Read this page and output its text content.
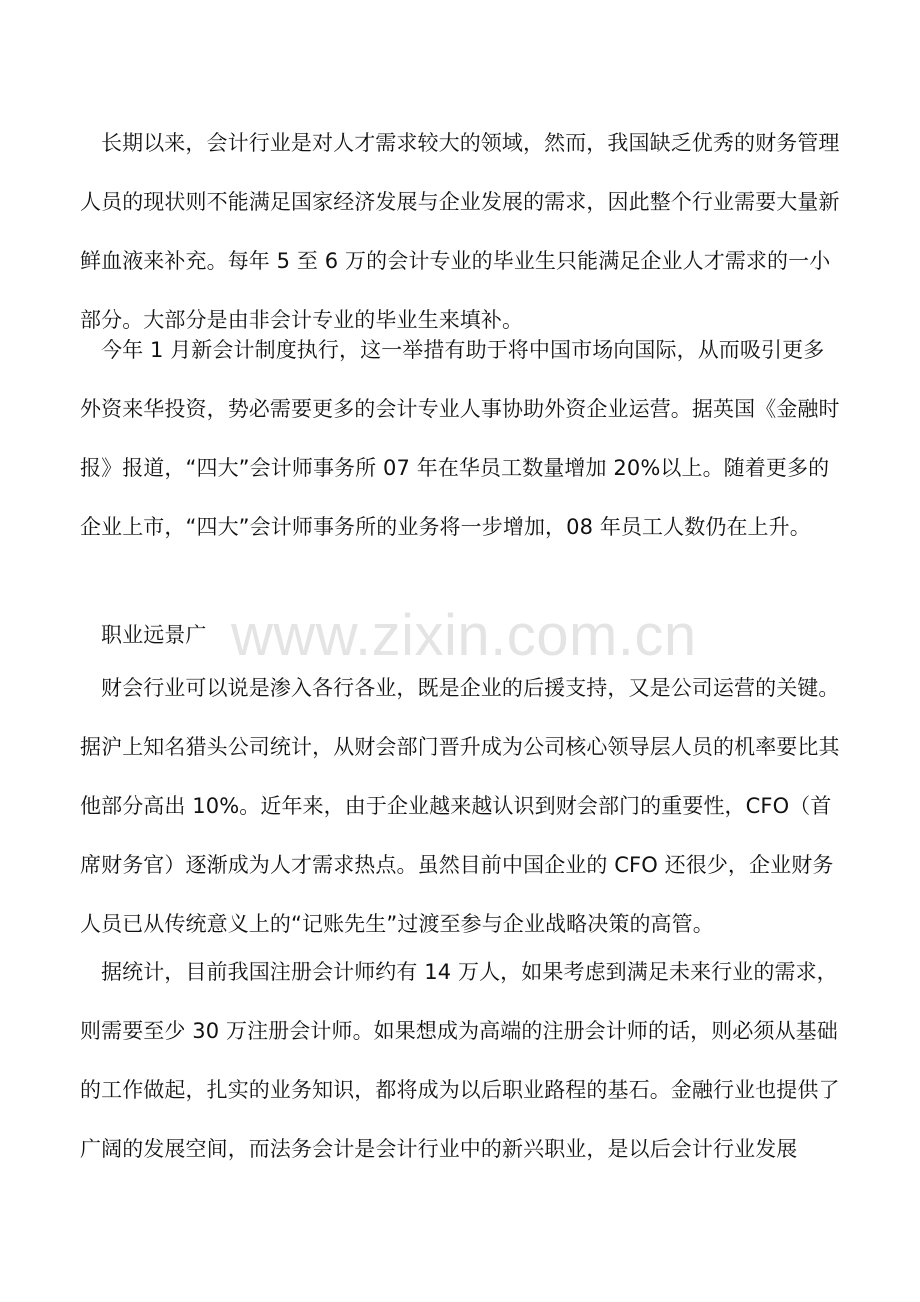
长期以来，会计行业是对人才需求较大的领域，然而，我国缺乏优秀的财务管理人员的现状则不能满足国家经济发展与企业发展的需求，因此整个行业需要大量新鲜血液来补充。每年 5 至 6 万的会计专业的毕业生只能满足企业人才需求的一小部分。大部分是由非会计专业的毕业生来填补。

今年 1 月新会计制度执行，这一举措有助于将中国市场向国际，从而吸引更多外资来华投资，势必需要更多的会计专业人事协助外资企业运营。据英国《金融时报》报道，“四大”会计师事务所 07 年在华员工数量增加 20%以上。随着更多的企业上市，“四大”会计师事务所的业务将一步增加，08 年员工人数仍在上升。

职业远景广

财会行业可以说是渗入各行各业，既是企业的后援支持，又是公司运营的关键。据沪上知名猎头公司统计，从财会部门晋升成为公司核心领导层人员的机率要比其他部分高出 10%。近年来，由于企业越来越认识到财会部门的重要性，CFO（首席财务官）逐渐成为人才需求热点。虽然目前中国企业的 CFO 还很少，企业财务人员已从传统意义上的“记账先生”过渡至参与企业战略决策的高管。

据统计，目前我国注册会计师约有 14 万人，如果考虑到满足未来行业的需求，则需要至少 30 万注册会计师。如果想成为高端的注册会计师的话，则必须从基础的工作做起，扎实的业务知识，都将成为以后职业路程的基石。金融行业也提供了广阔的发展空间，而法务会计是会计行业中的新兴职业，是以后会计行业发展

www.zixin.com.cn
